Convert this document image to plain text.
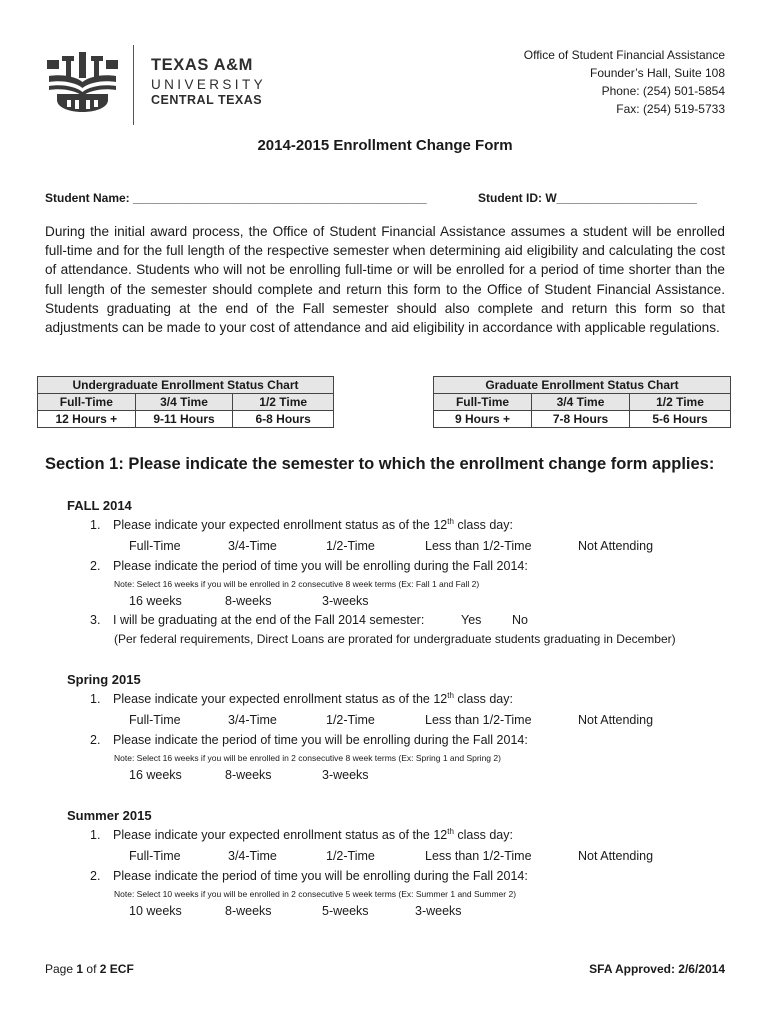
TEXAS A&M
UNIVERSITY
CENTRAL TEXAS
Office of Student Financial Assistance
Founder’s Hall, Suite 108
Phone: (254) 501-5854
Fax: (254) 519-5733
2014-2015 Enrollment Change Form
Student Name: ____________________________________________	Student ID: W_____________________
During the initial award process, the Office of Student Financial Assistance assumes a student will be enrolled full-time and for the full length of the respective semester when determining aid eligibility and calculating the cost of attendance. Students who will not be enrolling full-time or will be enrolled for a period of time shorter than the full length of the semester should complete and return this form to the Office of Student Financial Assistance. Students graduating at the end of the Fall semester should also complete and return this form so that adjustments can be made to your cost of attendance and aid eligibility in accordance with applicable regulations.
Undergraduate Enrollment Status Chart		
Full-Time	3/4 Time	1/2 Time
12 Hours +	9-11 Hours	6-8 Hours
Graduate Enrollment Status Chart		
Full-Time	3/4 Time	1/2 Time
9 Hours +	7-8 Hours	5-6 Hours
Section 1: Please indicate the semester to which the enrollment change form applies:
FALL 2014
1. Please indicate your expected enrollment status as of the 12th class day:
Full-Time	3/4-Time	1/2-Time	Less than 1/2-Time	Not Attending
2. Please indicate the period of time you will be enrolling during the Fall 2014:
Note: Select 16 weeks if you will be enrolled in 2 consecutive 8 week terms (Ex: Fall 1 and Fall 2)
16 weeks	8-weeks	3-weeks
3. I will be graduating at the end of the Fall 2014 semester:	Yes No
(Per federal requirements, Direct Loans are prorated for undergraduate students graduating in December)
Spring 2015
1. Please indicate your expected enrollment status as of the 12th class day:
Full-Time	3/4-Time	1/2-Time	Less than 1/2-Time	Not Attending
2. Please indicate the period of time you will be enrolling during the Fall 2014:
Note: Select 16 weeks if you will be enrolled in 2 consecutive 8 week terms (Ex: Spring 1 and Spring 2)
16 weeks	8-weeks	3-weeks
Summer 2015
1. Please indicate your expected enrollment status as of the 12th class day:
Full-Time	3/4-Time	1/2-Time	Less than 1/2-Time	Not Attending
2. Please indicate the period of time you will be enrolling during the Fall 2014:
Note: Select 10 weeks if you will be enrolled in 2 consecutive 5 week terms (Ex: Summer 1 and Summer 2)
10 weeks	8-weeks	5-weeks	3-weeks
Page 1 of 2 ECF	SFA Approved: 2/6/2014
